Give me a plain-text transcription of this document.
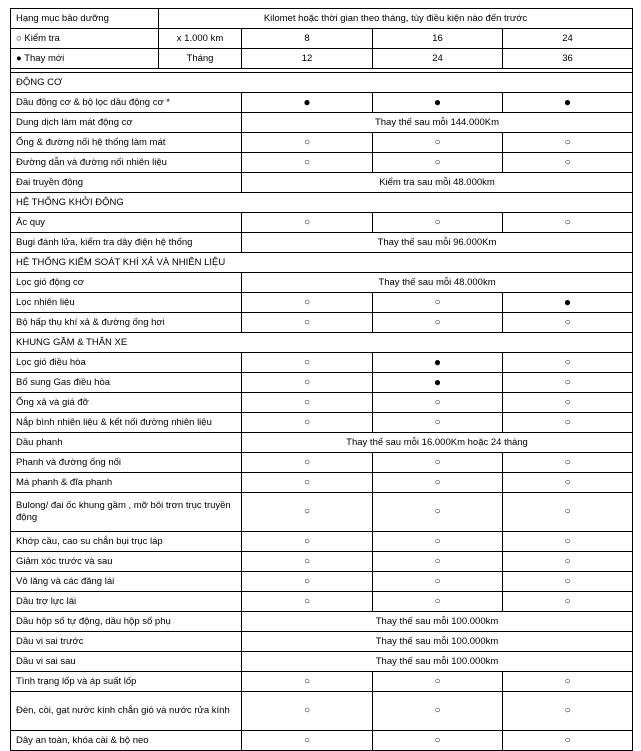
Hạng mục bảo dưỡng	Kilomet hoặc thời gian theo tháng, tùy điều kiện nào đến trước			
○ Kiểm tra	x 1.000 km	8	16	24
● Thay mới	Tháng	12	24	36

ĐỘNG CƠ				
Dầu động cơ & bộ lọc dầu động cơ *		●	●	●
Dung dịch làm mát động cơ		Thay thế sau mỗi 144.000Km		
Ống & đường nối hệ thống làm mát		○	○	○
Đường dẫn và đường nối nhiên liệu		○	○	○
Đai truyền động		Kiểm tra sau mỗi 48.000km		
HỆ THỐNG KHỞI ĐỘNG				
Ắc quy		○	○	○
Bugi đánh lửa, kiểm tra dây điện hệ thống		Thay thế sau mỗi 96.000Km		
HỆ THỐNG KIỂM SOÁT KHÍ XẢ VÀ NHIÊN LIỆU				
Lọc gió động cơ		Thay thế sau mỗi 48.000km		
Lọc nhiên liệu		○	○	●
Bộ hấp thụ khí xả & đường ống hơi		○	○	○
KHUNG GẦM & THÂN XE				
Lọc gió điều hòa		○	●	○
Bổ sung Gas điều hòa		○	●	○
Ống xả và giá đỡ		○	○	○
Nắp bình nhiên liệu & kết nối đường nhiên liệu		○	○	○
Dầu phanh		Thay thế sau mỗi 16.000Km hoặc 24 tháng		
Phanh và đường ống nối		○	○	○
Má phanh & đĩa phanh		○	○	○
Bulong/ đai ốc khung gầm , mỡ bôi trơn trục truyền động		○	○	○
Khớp cầu, cao su chắn bụi trục láp		○	○	○
Giảm xóc trước và sau		○	○	○
Vô lăng và các đăng lái		○	○	○
Dầu trợ lực lái		○	○	○
Dầu hộp số tự động, dầu hộp số phụ		Thay thế sau mỗi 100.000km		
Dầu vi sai trước		Thay thế sau mỗi 100.000km		
Dầu vi sai sau		Thay thế sau mỗi 100.000km		
Tình trạng lốp và áp suất lốp		○	○	○
Đèn, còi, gạt nước kính chắn gió và nước rửa kính		○	○	○
Dây an toàn, khóa cài & bộ neo		○	○	○
